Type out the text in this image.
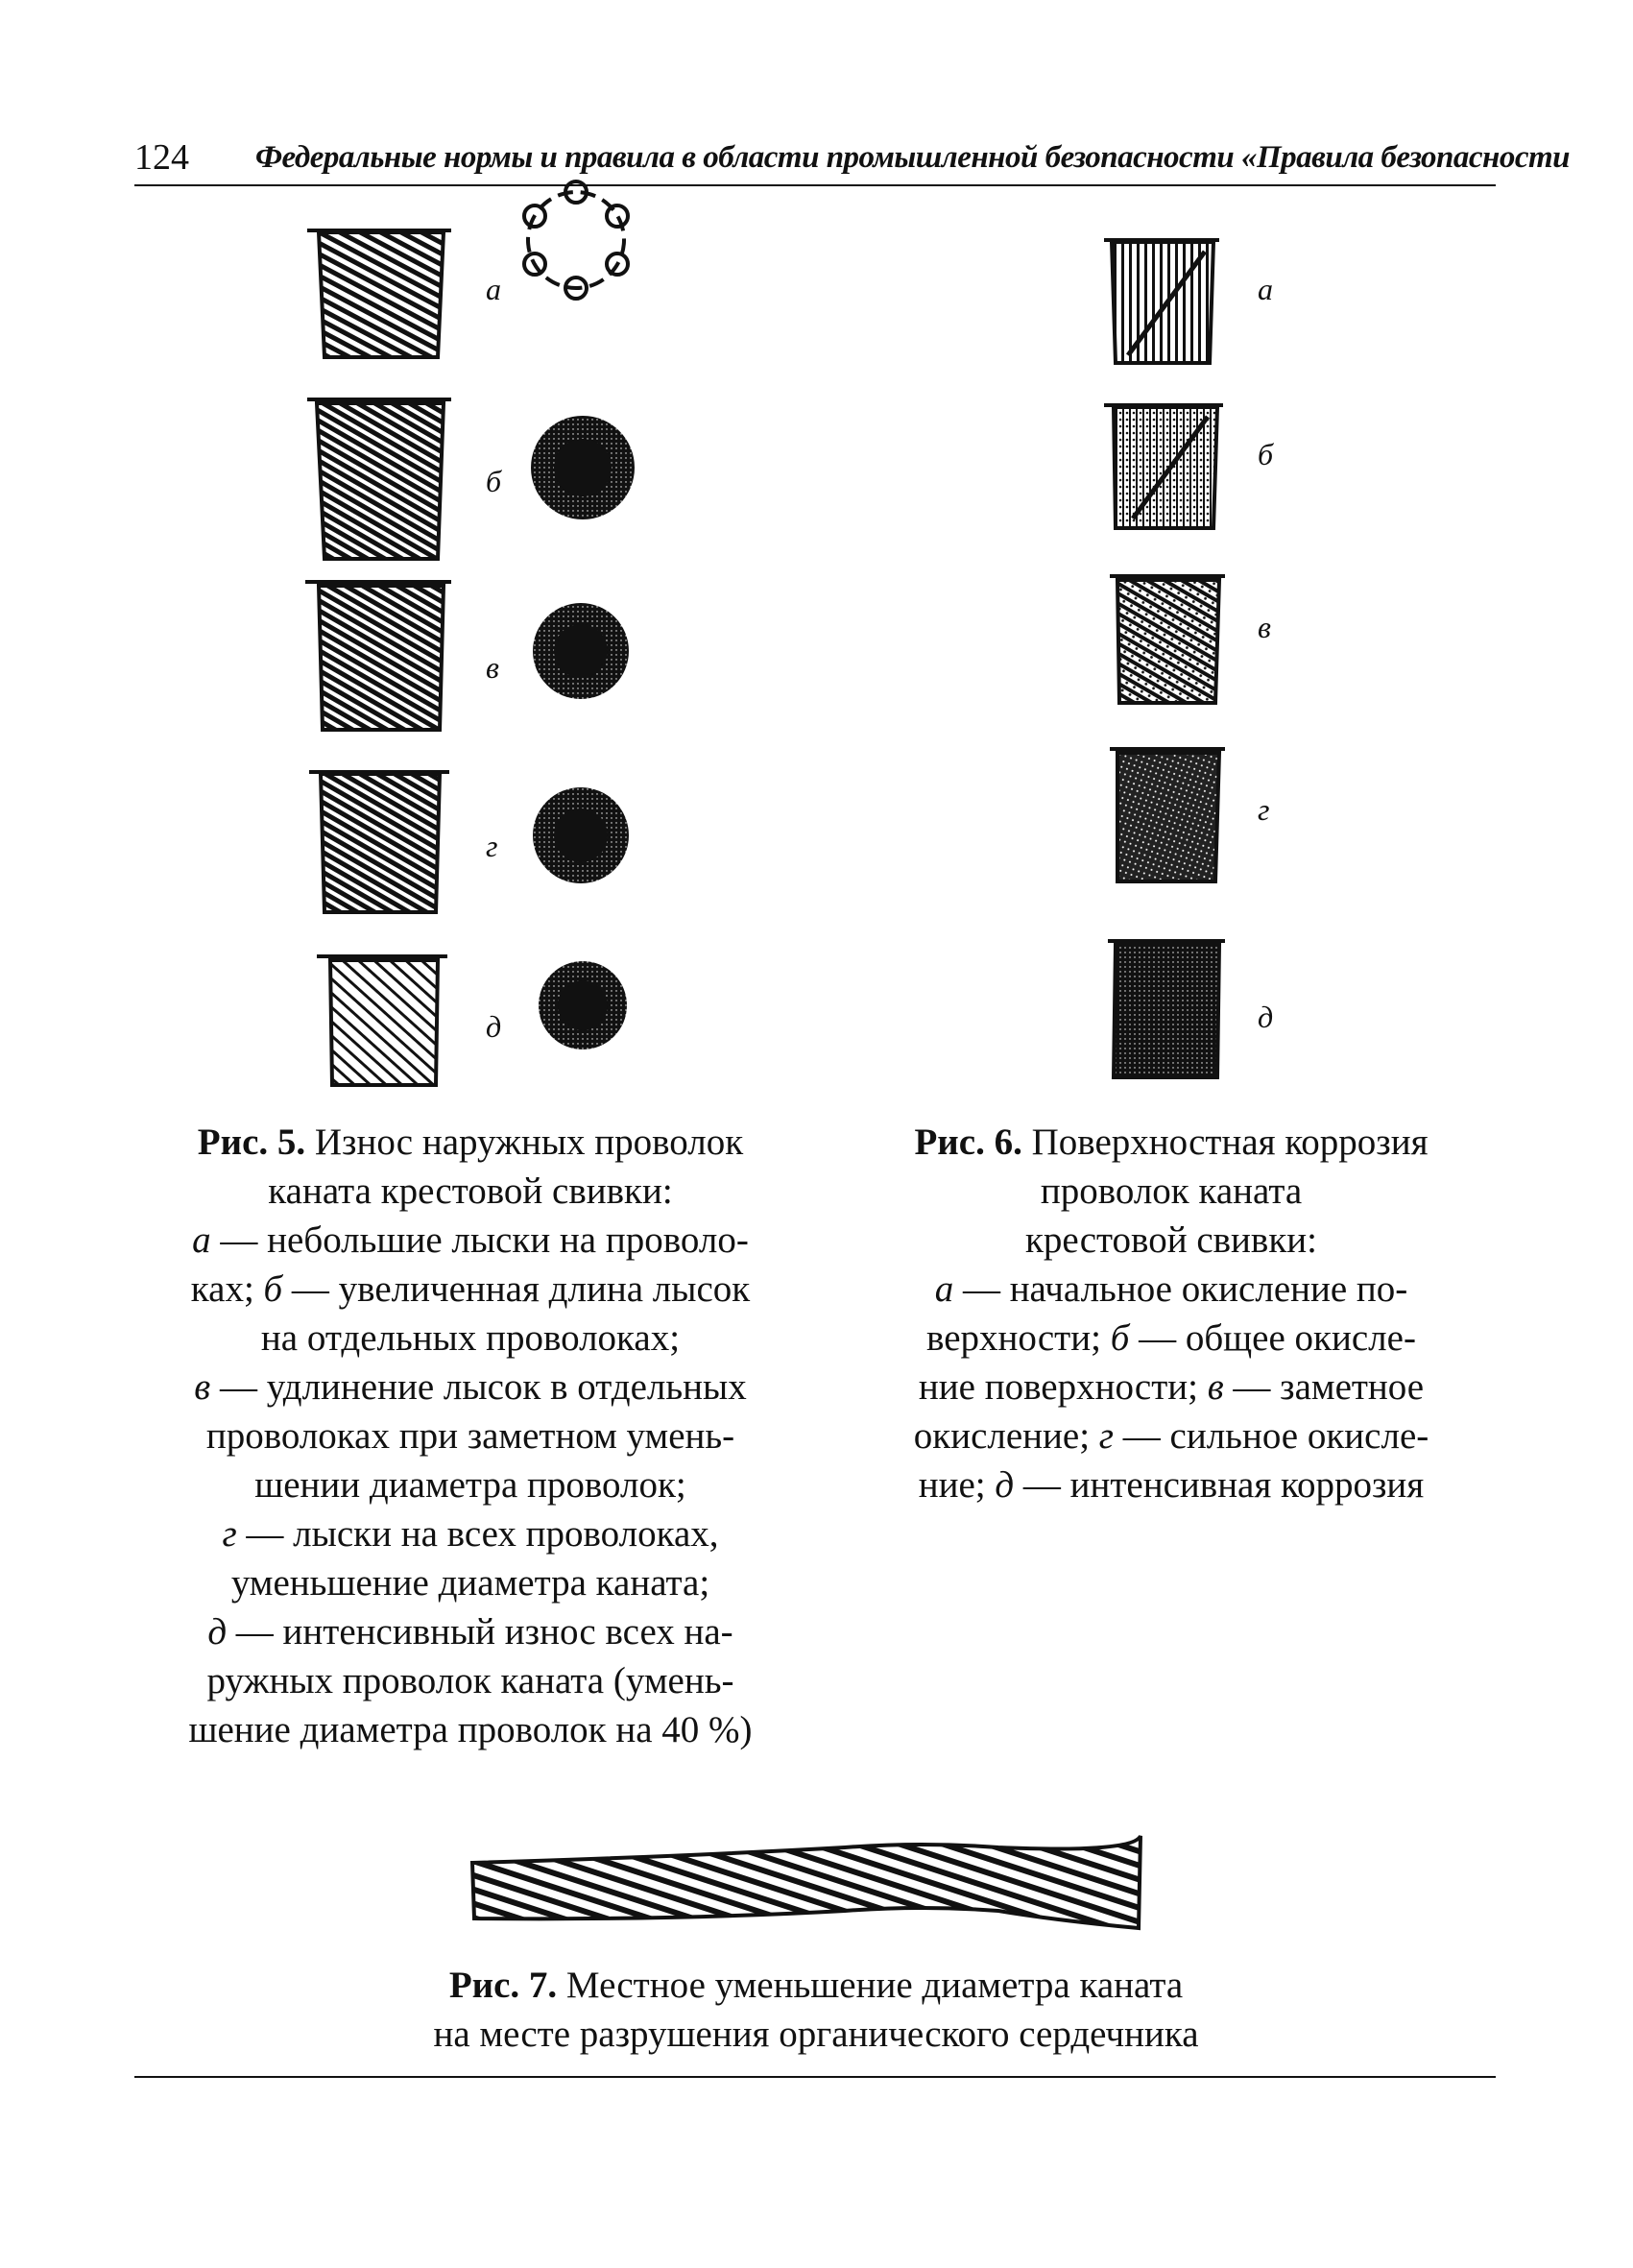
124 Федеральные нормы и правила в области промышленной безопасности «Правила безопасности
а
б
в
г
д
а
б
в
г
д
Рис. 5. Износ наружных проволок
каната крестовой свивки:
а — небольшие лыски на проволо-
ках; б — увеличенная длина лысок
на отдельных проволоках;
в — удлинение лысок в отдельных
проволоках при заметном умень-
шении диаметра проволок;
г — лыски на всех проволоках,
уменьшение диаметра каната;
д — интенсивный износ всех на-
ружных проволок каната (умень-
шение диаметра проволок на 40 %)
Рис. 6. Поверхностная коррозия
проволок каната
крестовой свивки:
а — начальное окисление по-
верхности; б — общее окисле-
ние поверхности; в — заметное
окисление; г — сильное окисле-
ние; д — интенсивная коррозия
Рис. 7. Местное уменьшение диаметра каната
на месте разрушения органического сердечника
